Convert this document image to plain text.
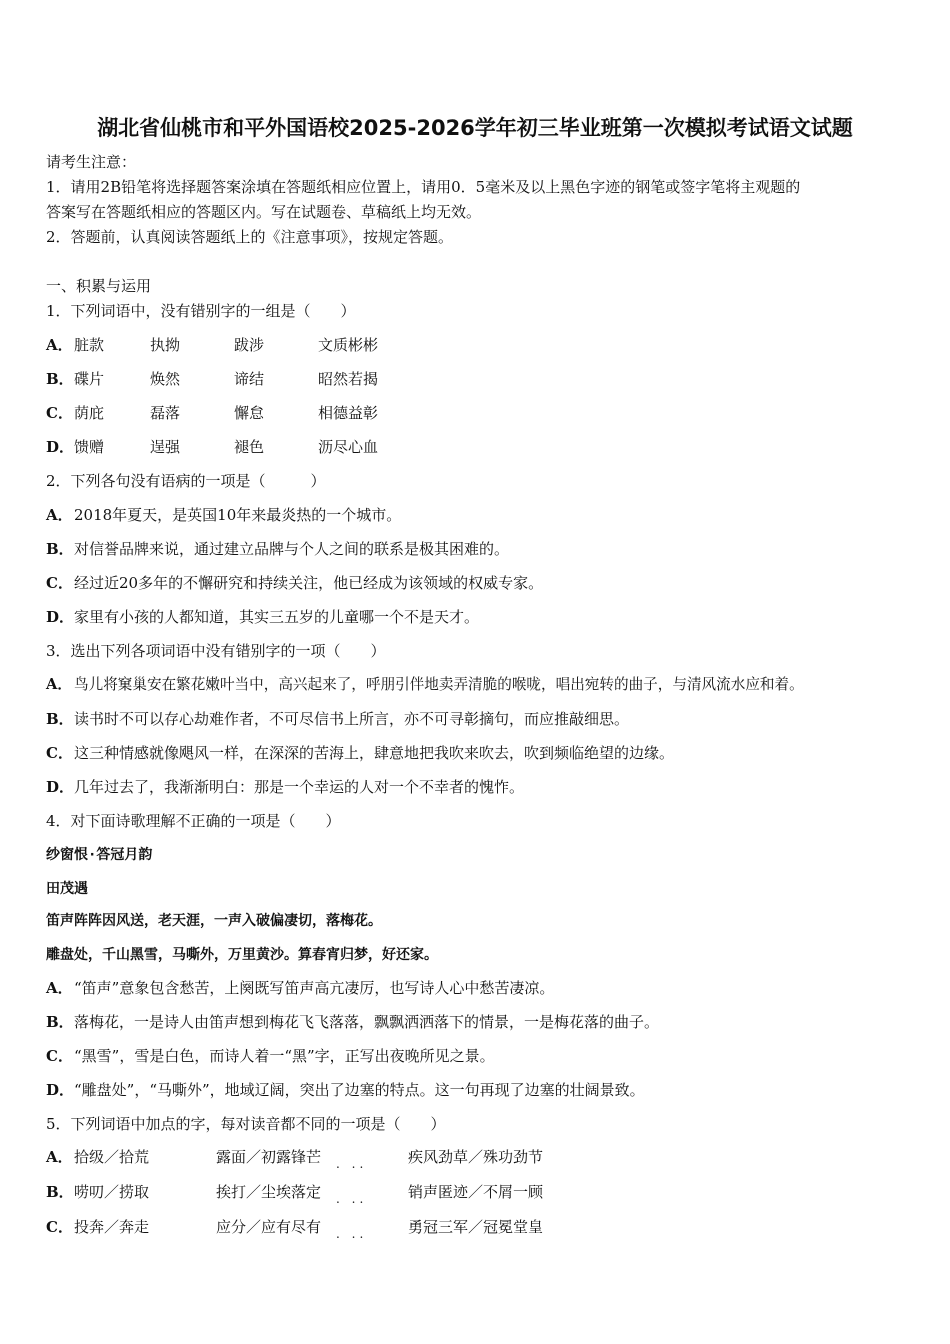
湖北省仙桃市和平外国语校2025-2026学年初三毕业班第一次模拟考试语文试题
请考生注意：
1．请用2B铅笔将选择题答案涂填在答题纸相应位置上，请用0．5毫米及以上黑色字迹的钢笔或签字笔将主观题的
答案写在答题纸相应的答题区内。写在试题卷、草稿纸上均无效。
2．答题前，认真阅读答题纸上的《注意事项》，按规定答题。
一、积累与运用
1．下列词语中，没有错别字的一组是（　　）
A．脏款	执拗	跋涉	文质彬彬
B．碟片	焕然	谛结	昭然若揭
C．荫庇	磊落	懈怠	相德益彰
D．馈赠	逞强	褪色	沥尽心血
2．下列各句没有语病的一项是（　　　）
A．2018年夏天，是英国10年来最炎热的一个城市。
B．对信誉品牌来说，通过建立品牌与个人之间的联系是极其困难的。
C．经过近20多年的不懈研究和持续关注，他已经成为该领域的权威专家。
D．家里有小孩的人都知道，其实三五岁的儿童哪一个不是天才。
3．选出下列各项词语中没有错别字的一项（　　）
A． 鸟儿将窠巢安在繁花嫩叶当中，高兴起来了，呼朋引伴地卖弄清脆的喉咙，唱出宛转的曲子，与清风流水应和着。
B．读书时不可以存心劫难作者，不可尽信书上所言，亦不可寻彰摘句，而应推敲细思。
C．这三种情感就像飓风一样，在深深的苦海上，肆意地把我吹来吹去，吹到频临绝望的边缘。
D．几年过去了，我渐渐明白：那是一个幸运的人对一个不幸者的愧怍。
4．对下面诗歌理解不正确的一项是（　　）
纱窗恨·答冠月韵
田茂遇
笛声阵阵因风送，老天涯，一声入破偏凄切，落梅花。
雕盘处，千山黑雪，马嘶外，万里黄沙。算春宵归梦，好还家。
A．“笛声”意象包含愁苦，上阕既写笛声高亢凄厉，也写诗人心中愁苦凄凉。
B．落梅花，一是诗人由笛声想到梅花飞飞落落，飘飘洒洒落下的情景，一是梅花落的曲子。
C．“黑雪”，雪是白色，而诗人着一“黑”字，正写出夜晚所见之景。
D．“雕盘处”，“马嘶外”，地域辽阔，突出了边塞的特点。这一句再现了边塞的壮阔景致。
5．下列词语中加点的字，每对读音都不同的一项是（　　）
A．拾级／拾荒	露面／初露锋芒 . ..	疾风劲草／殊功劲节
B．唠叨／捞取	挨打／尘埃落定 . ..	销声匿迹／不屑一顾
C．投奔／奔走	应分／应有尽有 . ..	勇冠三军／冠冕堂皇
